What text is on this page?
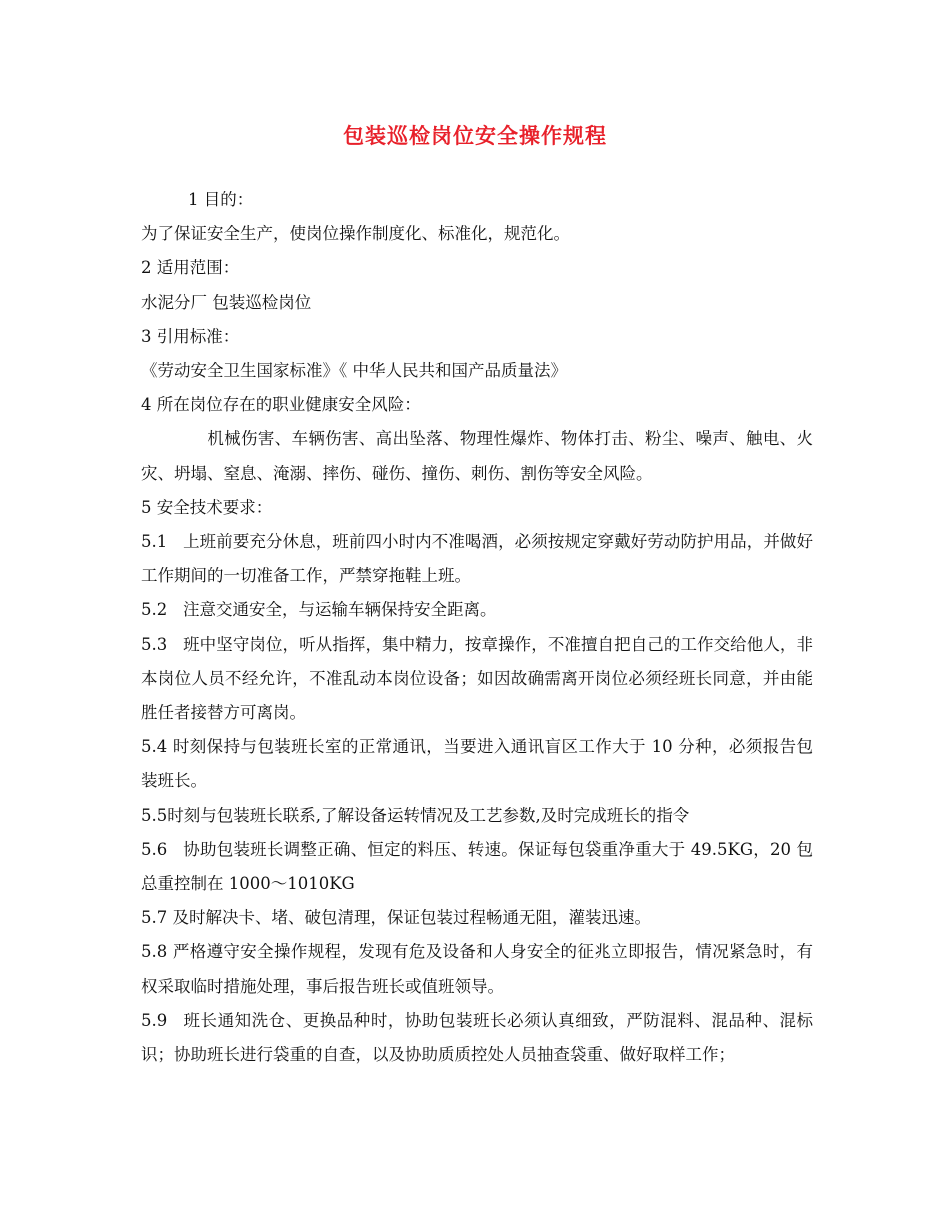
包装巡检岗位安全操作规程

1 目的：

为了保证安全生产，使岗位操作制度化、标准化，规范化。

2 适用范围：

水泥分厂 包装巡检岗位

3 引用标准：

《劳动安全卫生国家标准》《 中华人民共和国产品质量法》

4 所在岗位存在的职业健康安全风险：

机械伤害、车辆伤害、高出坠落、物理性爆炸、物体打击、粉尘、噪声、触电、火灾、坍塌、窒息、淹溺、摔伤、碰伤、撞伤、刺伤、割伤等安全风险。

5 安全技术要求：

5.1 上班前要充分休息，班前四小时内不准喝酒，必须按规定穿戴好劳动防护用品，并做好工作期间的一切准备工作，严禁穿拖鞋上班。

5.2 注意交通安全，与运输车辆保持安全距离。

5.3 班中坚守岗位，听从指挥，集中精力，按章操作，不准擅自把自己的工作交给他人，非本岗位人员不经允许，不准乱动本岗位设备；如因故确需离开岗位必须经班长同意，并由能胜任者接替方可离岗。

5.4 时刻保持与包装班长室的正常通讯，当要进入通讯盲区工作大于 10 分种，必须报告包装班长。

5.5时刻与包装班长联系,了解设备运转情况及工艺参数,及时完成班长的指令

5.6 协助包装班长调整正确、恒定的料压、转速。保证每包袋重净重大于 49.5KG，20 包总重控制在 1000～1010KG

5.7 及时解决卡、堵、破包清理，保证包装过程畅通无阻，灌装迅速。

5.8 严格遵守安全操作规程，发现有危及设备和人身安全的征兆立即报告，情况紧急时，有权采取临时措施处理，事后报告班长或值班领导。

5.9 班长通知洗仓、更换品种时，协助包装班长必须认真细致，严防混料、混品种、混标识；协助班长进行袋重的自查，以及协助质质控处人员抽查袋重、做好取样工作；
